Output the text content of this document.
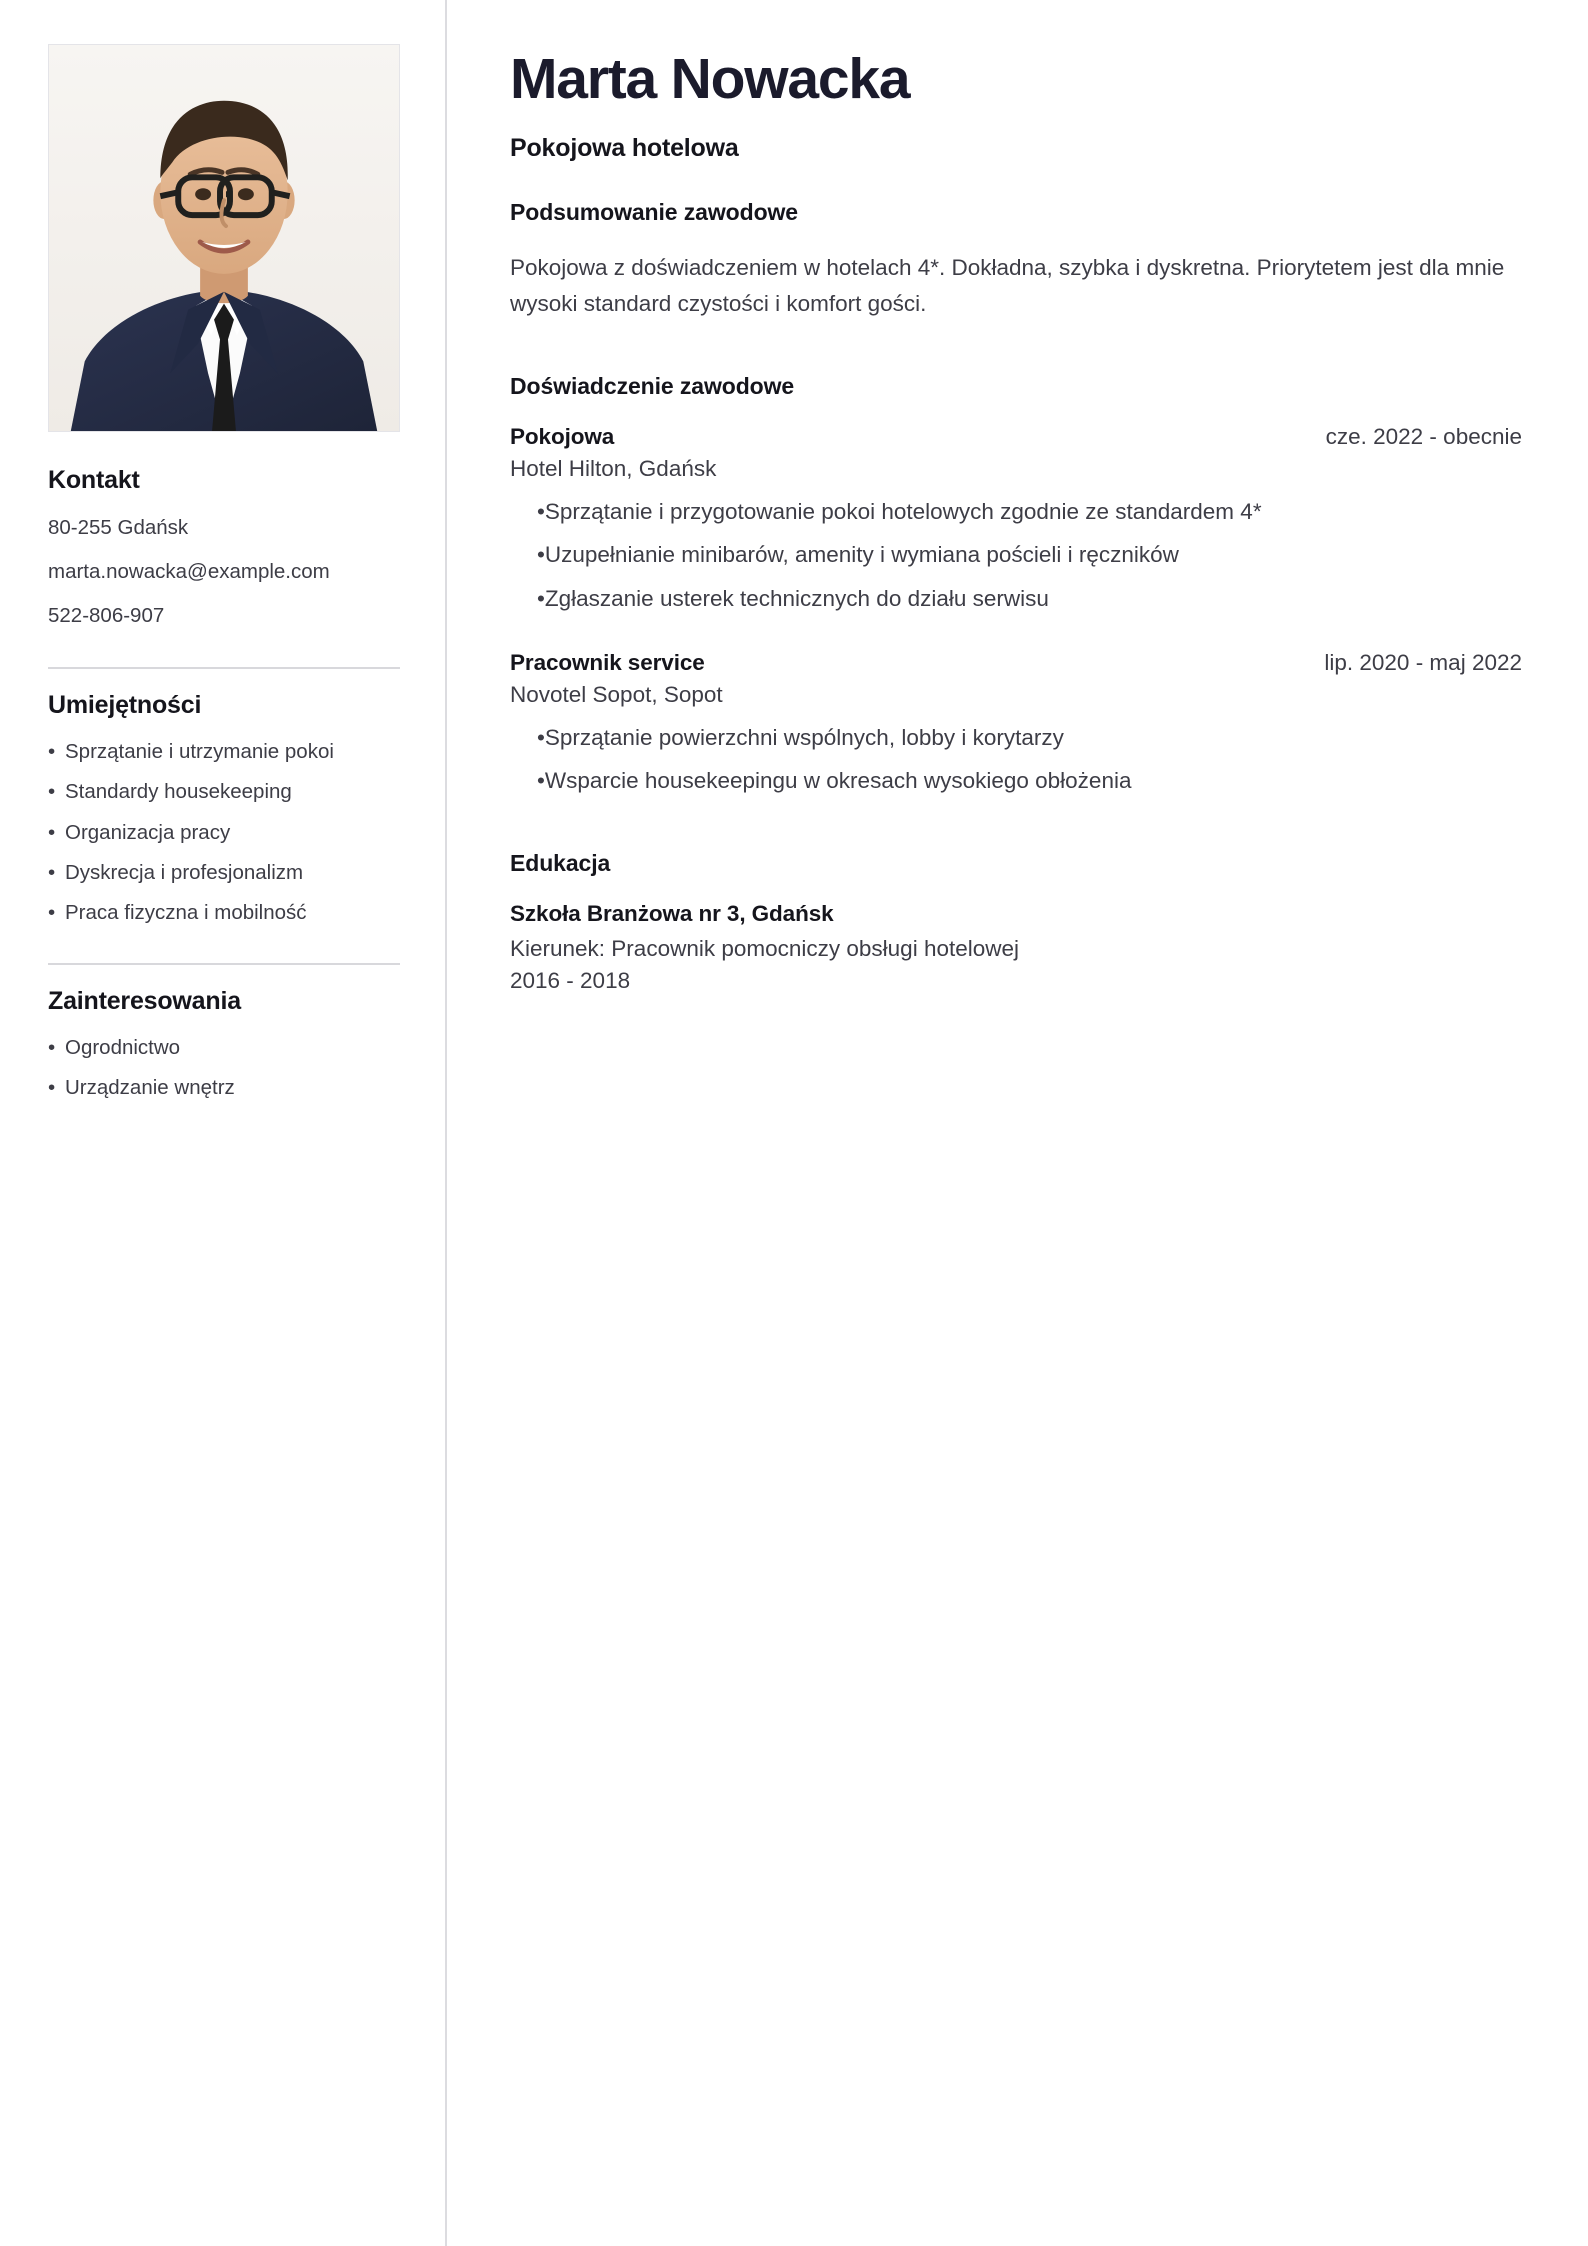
Kontakt
80-255 Gdańsk
marta.nowacka@example.com
522-806-907
Umiejętności
• Sprzątanie i utrzymanie pokoi
• Standardy housekeeping
• Organizacja pracy
• Dyskrecja i profesjonalizm
• Praca fizyczna i mobilność
Zainteresowania
• Ogrodnictwo
• Urządzanie wnętrz
Marta Nowacka
Pokojowa hotelowa
Podsumowanie zawodowe
Pokojowa z doświadczeniem w hotelach 4*. Dokładna, szybka i dyskretna. Priorytetem jest dla mnie wysoki standard czystości i komfort gości.
Doświadczenie zawodowe
Pokojowa	cze. 2022 - obecnie
Hotel Hilton, Gdańsk
• Sprzątanie i przygotowanie pokoi hotelowych zgodnie ze standardem 4*
• Uzupełnianie minibarów, amenity i wymiana pościeli i ręczników
• Zgłaszanie usterek technicznych do działu serwisu
Pracownik service	lip. 2020 - maj 2022
Novotel Sopot, Sopot
• Sprzątanie powierzchni wspólnych, lobby i korytarzy
• Wsparcie housekeepingu w okresach wysokiego obłożenia
Edukacja
Szkoła Branżowa nr 3, Gdańsk
Kierunek: Pracownik pomocniczy obsługi hotelowej
2016 - 2018
